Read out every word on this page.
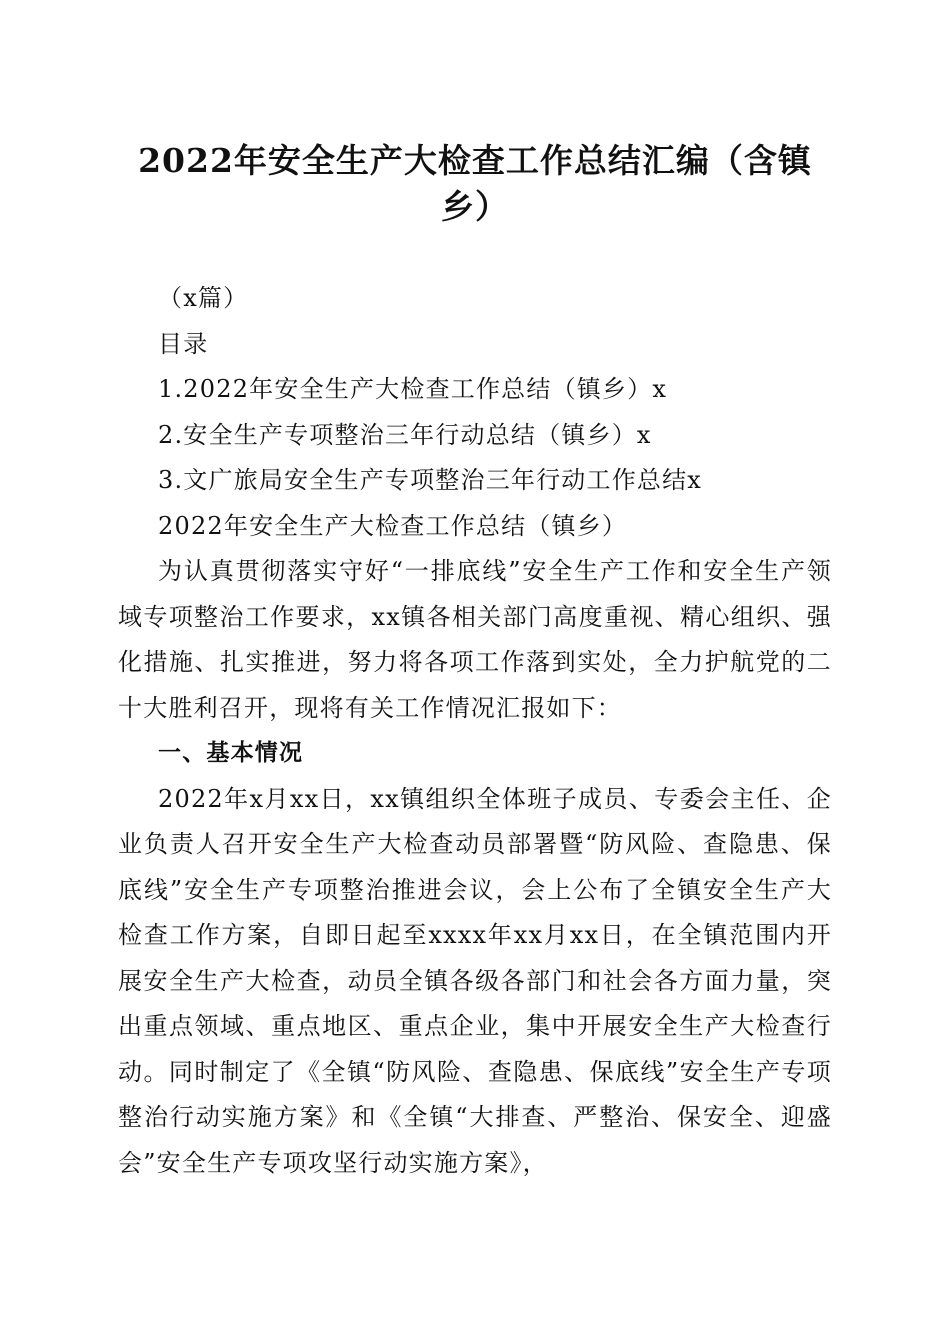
2022年安全生产大检查工作总结汇编（含镇乡）

（x篇）

目录

1.2022年安全生产大检查工作总结（镇乡）x

2.安全生产专项整治三年行动总结（镇乡）x

3.文广旅局安全生产专项整治三年行动工作总结x

2022年安全生产大检查工作总结（镇乡）

为认真贯彻落实守好“一排底线”安全生产工作和安全生产领域专项整治工作要求，xx镇各相关部门高度重视、精心组织、强化措施、扎实推进，努力将各项工作落到实处，全力护航党的二十大胜利召开，现将有关工作情况汇报如下：

一、基本情况

2022年x月xx日，xx镇组织全体班子成员、专委会主任、企业负责人召开安全生产大检查动员部署暨“防风险、查隐患、保底线”安全生产专项整治推进会议，会上公布了全镇安全生产大检查工作方案，自即日起至xxxx年xx月xx日，在全镇范围内开展安全生产大检查，动员全镇各级各部门和社会各方面力量，突出重点领域、重点地区、重点企业，集中开展安全生产大检查行动。同时制定了《全镇“防风险、查隐患、保底线”安全生产专项整治行动实施方案》和《全镇“大排查、严整治、保安全、迎盛会”安全生产专项攻坚行动实施方案》，
